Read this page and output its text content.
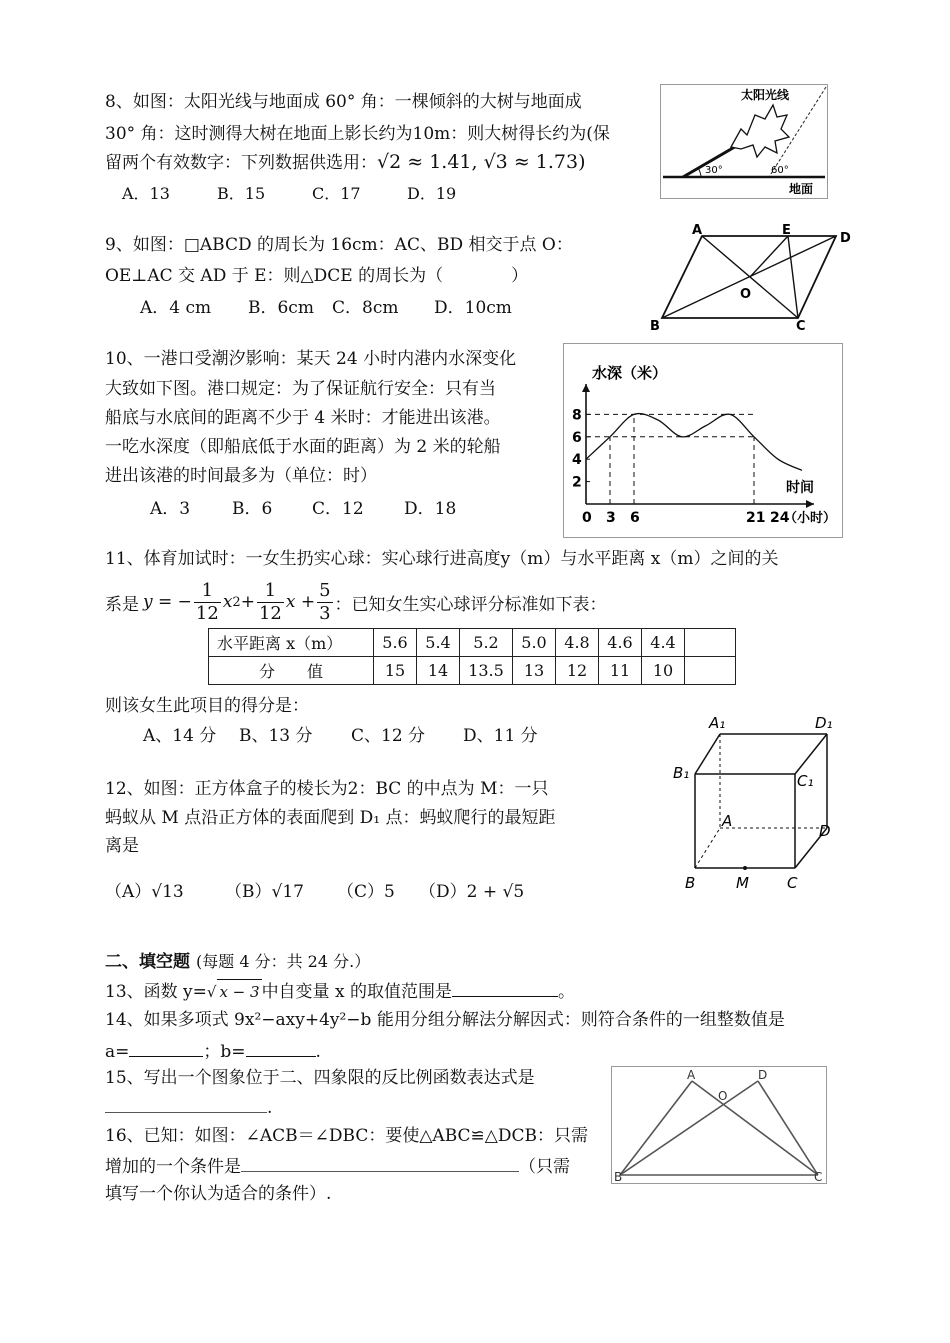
8、如图：太阳光线与地面成 60° 角：一棵倾斜的大树与地面成
30° 角：这时测得大树在地面上影长约为10m：则大树得长约为(保
留两个有效数字：下列数据供选用：√2 ≈ 1.41, √3 ≈ 1.73)
A．13	B．15	C．17	D．19
太阳光线
30°	60°
地面
9、如图：□ABCD 的周长为 16cm：AC、BD 相交于点 O：
OE⊥AC 交 AD 于 E：则△DCE 的周长为（　　　　）
A．4 cm B．6cm C．8cm D．10cm
A	E
D
O
B	C
10、一港口受潮汐影响：某天 24 小时内港内水深变化
大致如下图。港口规定：为了保证航行安全：只有当
船底与水底间的距离不少于 4 米时：才能进出该港。
一吃水深度（即船底低于水面的距离）为 2 米的轮船
进出该港的时间最多为（单位：时）
A．3 B．6 C．12 D．18
2
4
6
8
0 3 6	21 24
水深（米）
时间
（小时）
11、体育加试时：一女生扔实心球：实心球行进高度y（m）与水平距离 x（m）之间的关
系是 y = − $\frac{1}{12}$ x $2 + \frac{1}{12}$ $x + \frac{5}{3}$ ：已知女生实心球评分标准如下表：
水平距离 x（m）	5.6	5.4	5.2	5.0	4.8	4.6	4.4	
分　　值	15	14	13.5	13	12	11	10	
则该女生此项目的得分是：
A、14 分 B、13 分 C、12 分 D、11 分
12、如图：正方体盒子的棱长为2：BC 的中点为 M：一只
蚂蚁从 M 点沿正方体的表面爬到 D₁ 点：蚂蚁爬行的最短距
离是
（A）√13 （B）√17 （C）5 （D）2 + √5
A₁	D₁
B₁	C₁
A
D
B	M	C
二、填空题 (每题 4 分：共 24 分.）
13、函数 y=√ x − 3 中自变量 x 的取值范围是	。
14、如果多项式 9x²−axy+4y²−b 能用分组分解法分解因式：则符合条件的一组整数值是
a=	；b=	.
15、写出一个图象位于二、四象限的反比例函数表达式是
.
16、已知：如图：∠ACB＝∠DBC：要使△ABC≌△DCB：只需
增加的一个条件是	（只需
填写一个你认为适合的条件）.
A	D
O
B	C
